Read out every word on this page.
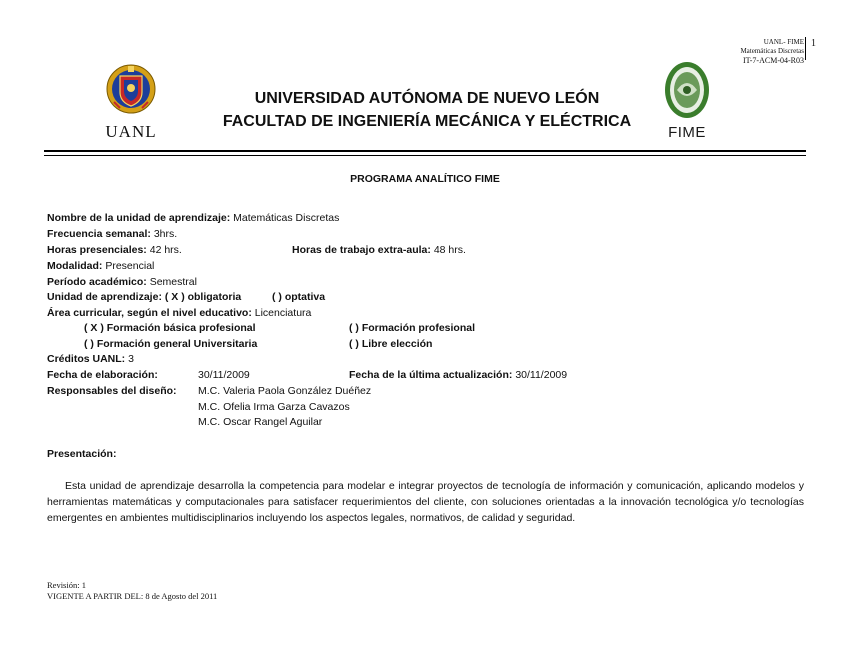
UANL- FIME
Matemáticas Discretas
IT-7-ACM-04-R03
1
UANL	FIME
UNIVERSIDAD AUTÓNOMA DE NUEVO LEÓN
FACULTAD DE INGENIERÍA MECÁNICA Y ELÉCTRICA
PROGRAMA ANALÍTICO FIME
Nombre de la unidad de aprendizaje: Matemáticas Discretas
Frecuencia semanal: 3hrs.
Horas presenciales: 42 hrs.	Horas de trabajo extra-aula: 48 hrs.
Modalidad: Presencial
Período académico: Semestral
Unidad de aprendizaje: ( X ) obligatoria	( ) optativa
Área curricular, según el nivel educativo: Licenciatura
( X ) Formación básica profesional	( ) Formación profesional
( ) Formación general Universitaria	( ) Libre elección
Créditos UANL: 3
Fecha de elaboración:	30/11/2009	Fecha de la última actualización: 30/11/2009
Responsables del diseño: M.C. Valeria Paola González Duéñez
M.C. Ofelia Irma Garza Cavazos
M.C. Oscar Rangel Aguilar
Presentación:
Esta unidad de aprendizaje desarrolla la competencia para modelar e integrar proyectos de tecnología de información y comunicación, aplicando modelos y herramientas matemáticas y computacionales para satisfacer requerimientos del cliente, con soluciones orientadas a la innovación tecnológica y/o tecnologías emergentes en ambientes multidisciplinarios incluyendo los aspectos legales, normativos, de calidad y seguridad.
Revisión: 1
VIGENTE A PARTIR DEL: 8 de Agosto del 2011
